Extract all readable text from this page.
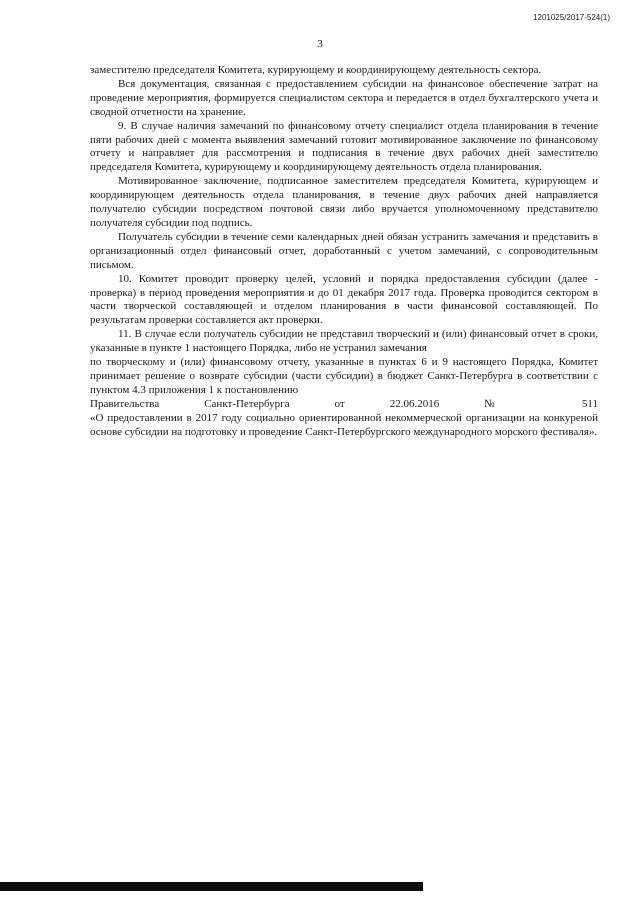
1201025/2017-524(1)
3

заместителю председателя Комитета, курирующему и координирующему деятельность сектора.

Вся документация, связанная с предоставлением субсидии на финансовое обеспечение затрат на проведение мероприятия, формируется специалистом сектора и передается в отдел бухгалтерского учета и сводной отчетности на хранение.

9. В случае наличия замечаний по финансовому отчету специалист отдела планирования в течение пяти рабочих дней с момента выявления замечаний готовит мотивированное заключение по финансовому отчету и направляет для рассмотрения и подписания в течение двух рабочих дней заместителю председателя Комитета, курирующему и координирующему деятельность отдела планирования.

Мотивированное заключение, подписанное заместителем председателя Комитета, курирующем и координирующем деятельность отдела планирования, в течение двух рабочих дней направляется получателю субсидии посредством почтовой связи либо вручается уполномоченному представителю получателя субсидии под подпись.

Получатель субсидии в течение семи календарных дней обязан устранить замечания и представить в организационный отдел финансовый отчет, доработанный с учетом замечаний, с сопроводительным письмом.

10. Комитет проводит проверку целей, условий и порядка предоставления субсидии (далее - проверка) в период проведения мероприятия и до 01 декабря 2017 года. Проверка проводится сектором в части творческой составляющей и отделом планирования в части финансовой составляющей. По результатам проверки составляется акт проверки.

11. В случае если получатель субсидии не представил творческий и (или) финансовый отчет в сроки, указанные в пункте 1 настоящего Порядка, либо не устранил замечания

по творческому и (или) финансовому отчету, указанные в пунктах 6 и 9 настоящего Порядка, Комитет принимает решение о возврате субсидии (части субсидии) в бюджет Санкт-Петербурга в соответствии с пунктом 4.3 приложения 1 к постановлению

Правительства Санкт-Петербурга от 22.06.2016 № 511

«О предоставлении в 2017 году социально ориентированной некоммерческой организации на конкуреной основе субсидии на подготовку и проведение Санкт-Петербургского международного морского фестиваля».
